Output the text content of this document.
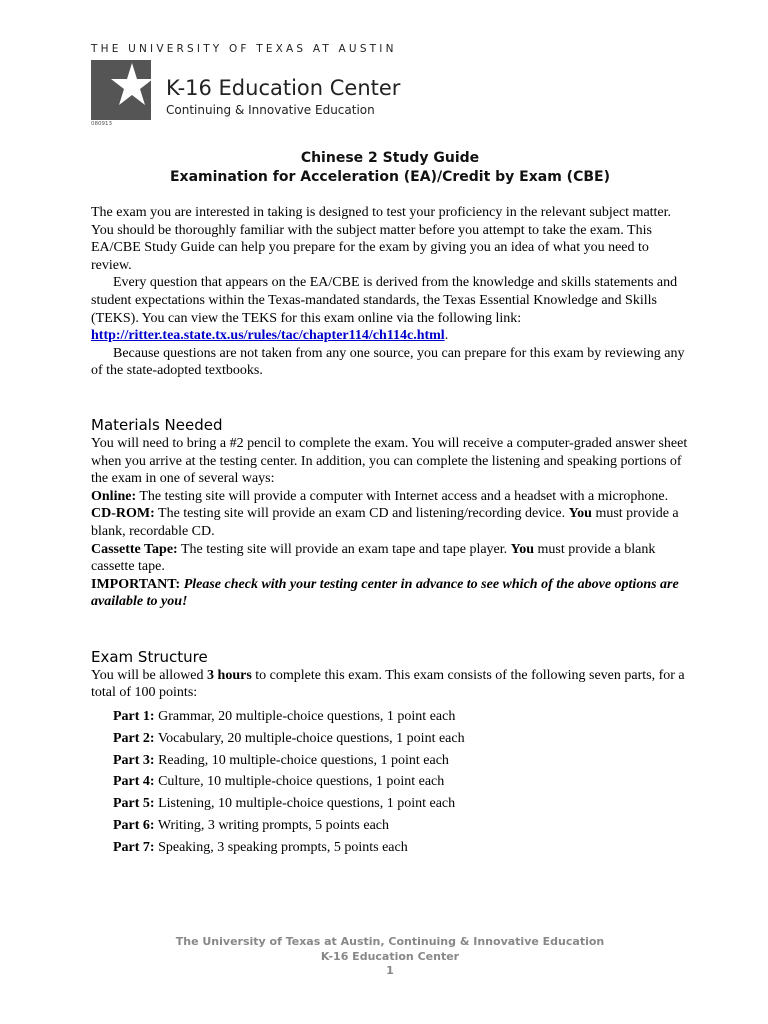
THE UNIVERSITY OF TEXAS AT AUSTIN
080913
K-16 Education Center
Continuing & Innovative Education
Chinese 2 Study Guide
Examination for Acceleration (EA)/Credit by Exam (CBE)

The exam you are interested in taking is designed to test your proficiency in the relevant subject matter. You should be thoroughly familiar with the subject matter before you attempt to take the exam. This EA/CBE Study Guide can help you prepare for the exam by giving you an idea of what you need to review.

Every question that appears on the EA/CBE is derived from the knowledge and skills statements and student expectations within the Texas-mandated standards, the Texas Essential Knowledge and Skills (TEKS). You can view the TEKS for this exam online via the following link: http://ritter.tea.state.tx.us/rules/tac/chapter114/ch114c.html.

Because questions are not taken from any one source, you can prepare for this exam by reviewing any of the state-adopted textbooks.

Materials Needed

You will need to bring a #2 pencil to complete the exam. You will receive a computer-graded answer sheet when you arrive at the testing center. In addition, you can complete the listening and speaking portions of the exam in one of several ways:

Online: The testing site will provide a computer with Internet access and a headset with a microphone.

CD-ROM: The testing site will provide an exam CD and listening/recording device. You must provide a blank, recordable CD.

Cassette Tape: The testing site will provide an exam tape and tape player. You must provide a blank cassette tape.

IMPORTANT: Please check with your testing center in advance to see which of the above options are available to you!

Exam Structure

You will be allowed 3 hours to complete this exam. This exam consists of the following seven parts, for a total of 100 points:

Part 1: Grammar, 20 multiple-choice questions, 1 point each
Part 2: Vocabulary, 20 multiple-choice questions, 1 point each
Part 3: Reading, 10 multiple-choice questions, 1 point each
Part 4: Culture, 10 multiple-choice questions, 1 point each
Part 5: Listening, 10 multiple-choice questions, 1 point each
Part 6: Writing, 3 writing prompts, 5 points each
Part 7: Speaking, 3 speaking prompts, 5 points each
The University of Texas at Austin, Continuing & Innovative Education
K-16 Education Center
1
